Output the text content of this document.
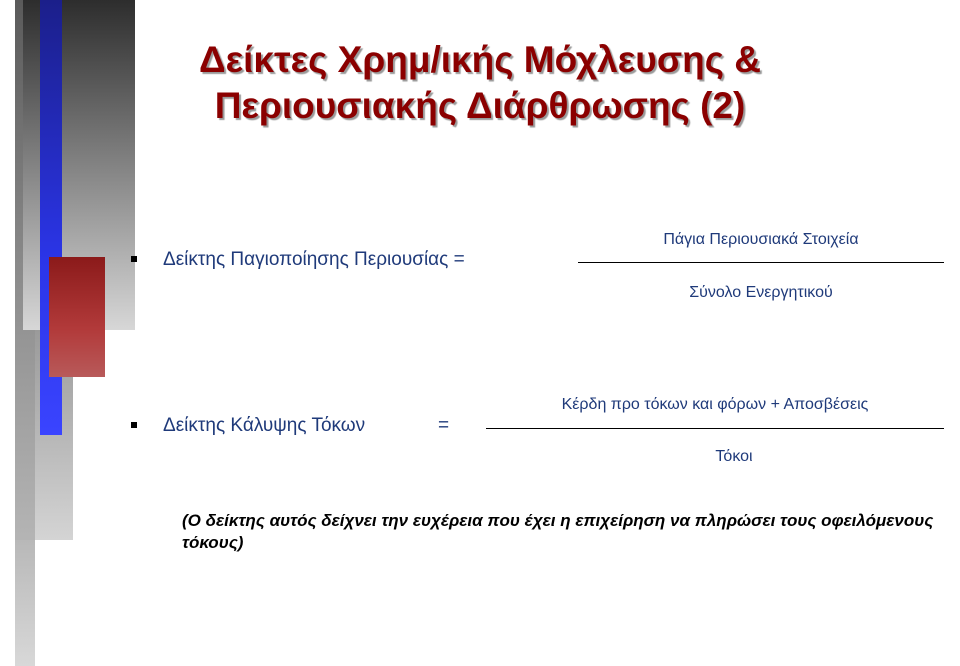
Δείκτες Χρημ/ικής Μόχλευσης &
Περιουσιακής Διάρθρωσης (2)
Δείκτης Παγιοποίησης Περιουσίας =
Πάγια Περιουσιακά Στοιχεία
Σύνολο Ενεργητικού
Δείκτης Κάλυψης Τόκων	=
Κέρδη προ τόκων και φόρων + Αποσβέσεις
Τόκοι
(Ο δείκτης αυτός δείχνει την ευχέρεια που έχει η επιχείρηση να πληρώσει τους οφειλόμενους τόκους)
